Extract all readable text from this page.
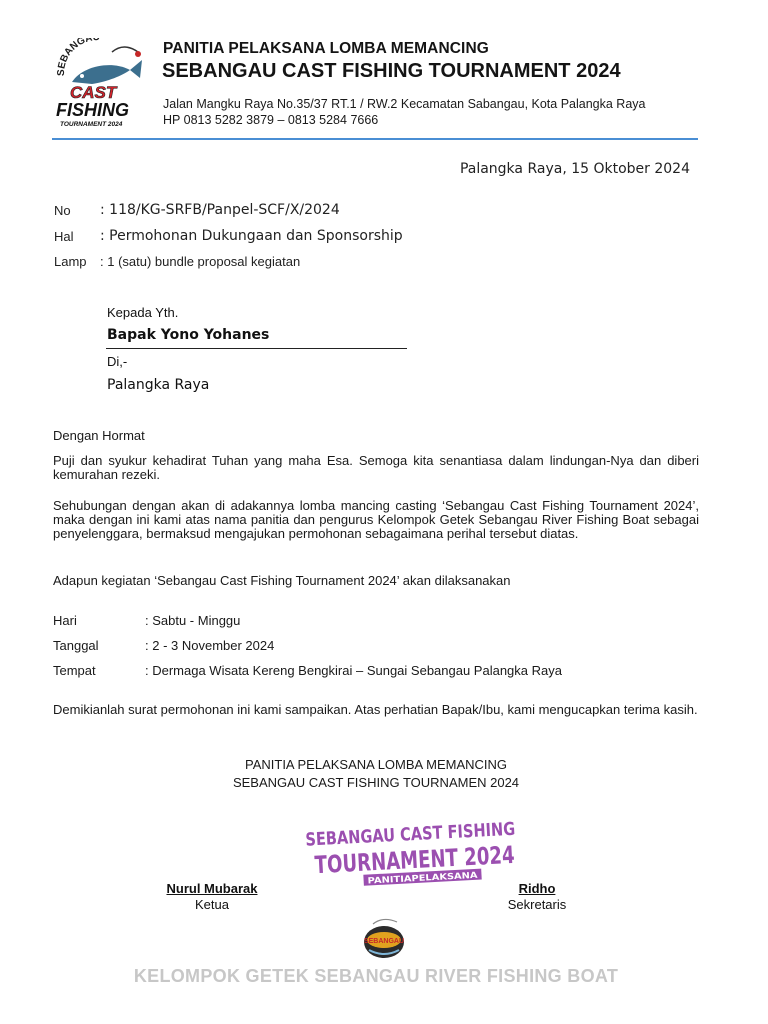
SEBANGA
CAST
FISHING
TOURNAMENT 2024
PANITIA PELAKSANA LOMBA MEMANCING
SEBANGAU CAST FISHING TOURNAMENT 2024
Jalan Mangku Raya No.35/37 RT.1 / RW.2 Kecamatan Sabangau, Kota Palangka Raya
HP 0813 5282 3879 – 0813 5284 7666
Palangka Raya, 15 Oktober 2024
No : 118/KG-SRFB/Panpel-SCF/X/2024
Hal : Permohonan Dukungaan dan Sponsorship
Lamp : 1 (satu) bundle proposal kegiatan
Kepada Yth.
Bapak Yono Yohanes
Di,-
Palangka Raya
Dengan Hormat
Puji dan syukur kehadirat Tuhan yang maha Esa. Semoga kita senantiasa dalam lindungan-Nya dan diberi kemurahan rezeki.
Sehubungan dengan akan di adakannya lomba mancing casting ‘Sebangau Cast Fishing Tournament 2024’, maka dengan ini kami atas nama panitia dan pengurus Kelompok Getek Sebangau River Fishing Boat sebagai penyelenggara, bermaksud mengajukan permohonan sebagaimana perihal tersebut diatas.
Adapun kegiatan ‘Sebangau Cast Fishing Tournament 2024’ akan dilaksanakan
Hari	: Sabtu - Minggu
Tanggal	: 2 - 3 November 2024
Tempat	: Dermaga Wisata Kereng Bengkirai – Sungai Sebangau Palangka Raya
Demikianlah surat permohonan ini kami sampaikan. Atas perhatian Bapak/Ibu, kami mengucapkan terima kasih.
PANITIA PELAKSANA LOMBA MEMANCING
SEBANGAU CAST FISHING TOURNAMEN 2024
SEBANGAU CAST FISHING
TOURNAMENT 2024
PANITIAPELAKSANA
Nurul Mubarak
Ketua
Ridho
Sekretaris
SEBANGAU
KELOMPOK GETEK SEBANGAU RIVER FISHING BOAT
